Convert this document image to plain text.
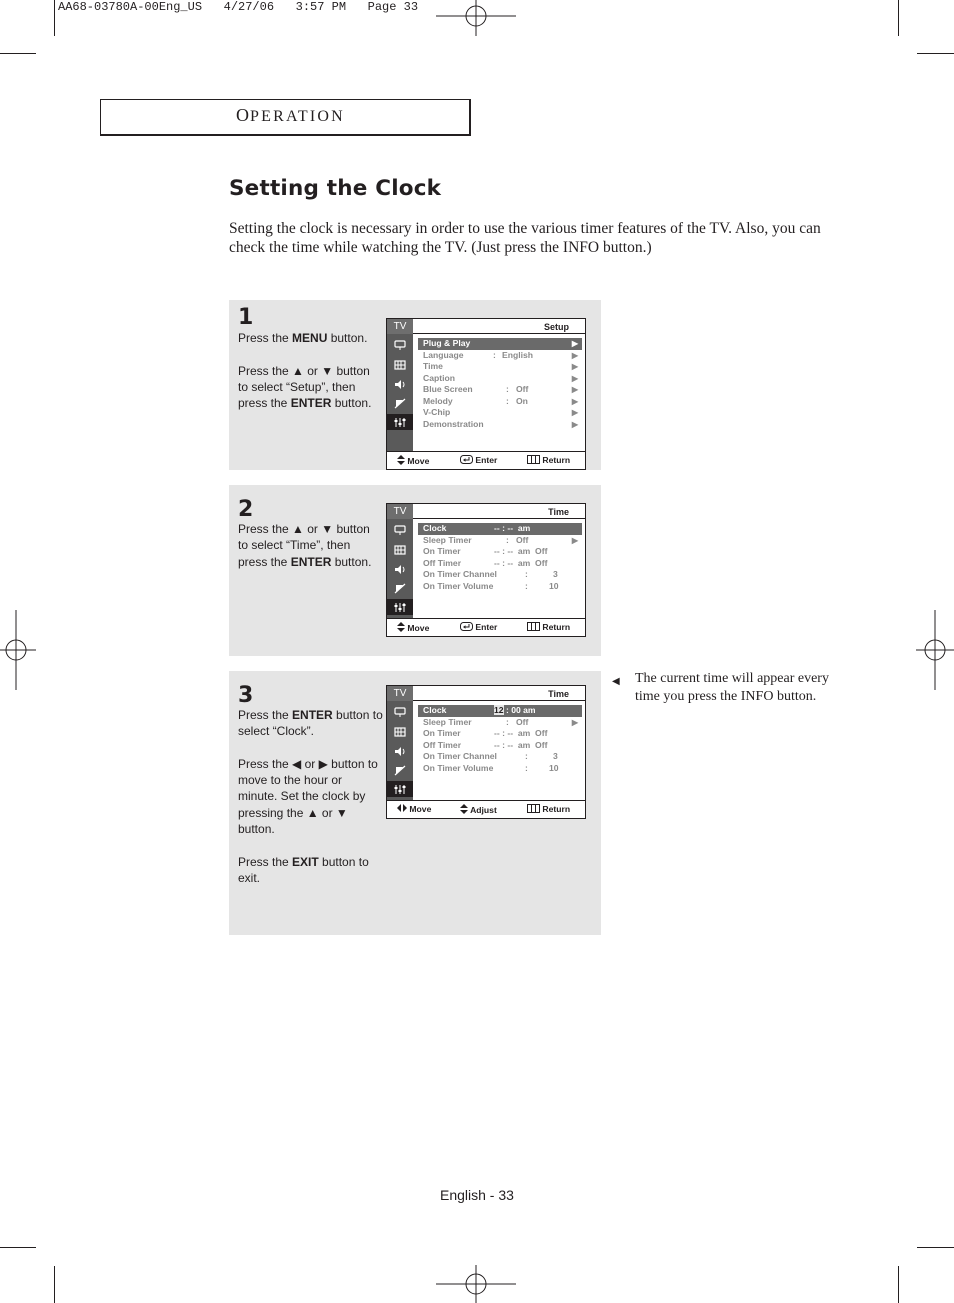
AA68-03780A-00Eng_US   4/27/06   3:57 PM   Page 33
OPERATION
Setting the Clock
Setting the clock is necessary in order to use the various timer features of the TV. Also, you can check the time while watching the TV. (Just press the INFO button.)
1

Press the MENU button.

Press the ▲ or ▼ button to select “Setup”, then press the ENTER button.

TV	Setup
Plug & Play	▶
Language	: English	▶
Time	▶
Caption	▶
Blue Screen	: Off	▶
Melody	: On	▶
V-Chip	▶
Demonstration	▶
Move	Enter	Return
2

Press the ▲ or ▼ button to select “Time”, then press the ENTER button.

TV	Time
Clock	-- : --  am
Sleep Timer	: Off	▶
On Timer	-- : --  am  Off
Off Timer	-- : --  am  Off
On Timer Channel	:	3
On Timer Volume	: 10
Move	Enter	Return
3

Press the ENTER button to select “Clock”.

Press the ◀ or ▶ button to move to the hour or minute. Set the clock by pressing the ▲ or ▼ button.

Press the EXIT button to exit.

TV	Time
Clock	12 : 00 am
Sleep Timer	: Off	▶
On Timer	-- : --  am  Off
Off Timer	-- : --  am  Off
On Timer Channel	:	3
On Timer Volume	: 10
Move	Adjust	Return
◀ The current time will appear every time you press the INFO button.
English - 33
